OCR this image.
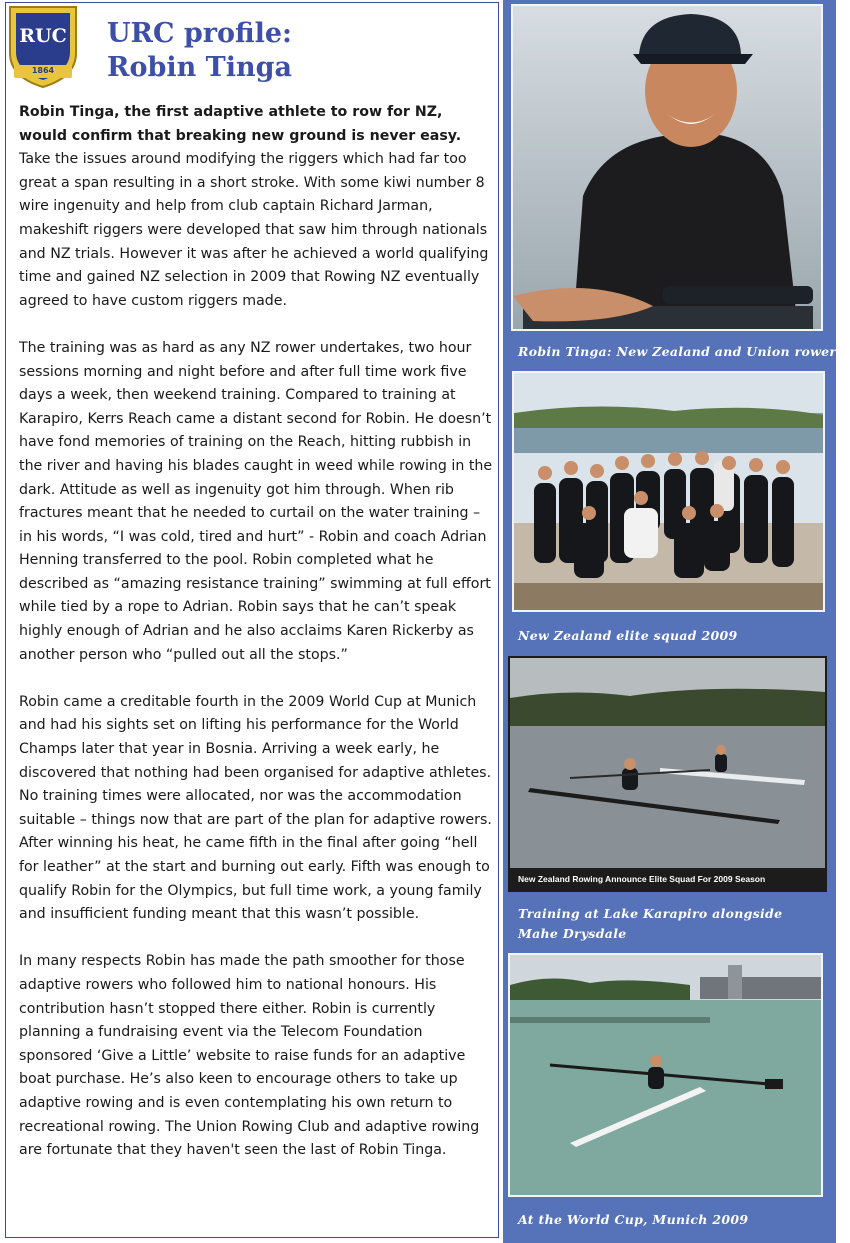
RUC
1864
URC profile:
Robin Tinga

Robin Tinga, the first adaptive athlete to row for NZ, would confirm that breaking new ground is never easy. Take the issues around modifying the riggers which had far too great a span resulting in a short stroke. With some kiwi number 8 wire ingenuity and help from club captain Richard Jarman, makeshift riggers were developed that saw him through nationals and NZ trials. However it was after he achieved a world qualifying time and gained NZ selection in 2009 that Rowing NZ eventually agreed to have custom riggers made.

The training was as hard as any NZ rower undertakes, two hour sessions morning and night before and after full time work five days a week, then weekend training. Compared to training at Karapiro, Kerrs Reach came a distant second for Robin. He doesn’t have fond memories of training on the Reach, hitting rubbish in the river and having his blades caught in weed while rowing in the dark. Attitude as well as ingenuity got him through. When rib fractures meant that he needed to curtail on the water training – in his words, “I was cold, tired and hurt” - Robin and coach Adrian Henning transferred to the pool. Robin completed what he described as “amazing resistance training” swimming at full effort while tied by a rope to Adrian. Robin says that he can’t speak highly enough of Adrian and he also acclaims Karen Rickerby as another person who “pulled out all the stops.”

Robin came a creditable fourth in the 2009 World Cup at Munich and had his sights set on lifting his performance for the World Champs later that year in Bosnia. Arriving a week early, he discovered that nothing had been organised for adaptive athletes. No training times were allocated, nor was the accommodation suitable – things now that are part of the plan for adaptive rowers. After winning his heat, he came fifth in the final after going “hell for leather” at the start and burning out early. Fifth was enough to qualify Robin for the Olympics, but full time work, a young family and insufficient funding meant that this wasn’t possible.

In many respects Robin has made the path smoother for those adaptive rowers who followed him to national honours. His contribution hasn’t stopped there either. Robin is currently planning a fundraising event via the Telecom Foundation sponsored ‘Give a Little’ website to raise funds for an adaptive boat purchase. He’s also keen to encourage others to take up adaptive rowing and is even contemplating his own return to recreational rowing. The Union Rowing Club and adaptive rowing are fortunate that they haven't seen the last of Robin Tinga.

Robin Tinga: New Zealand and Union rower
New Zealand elite squad 2009
New Zealand Rowing Announce Elite Squad For 2009 Season
Training at Lake Karapiro alongside Mahe Drysdale
At the World Cup, Munich 2009
